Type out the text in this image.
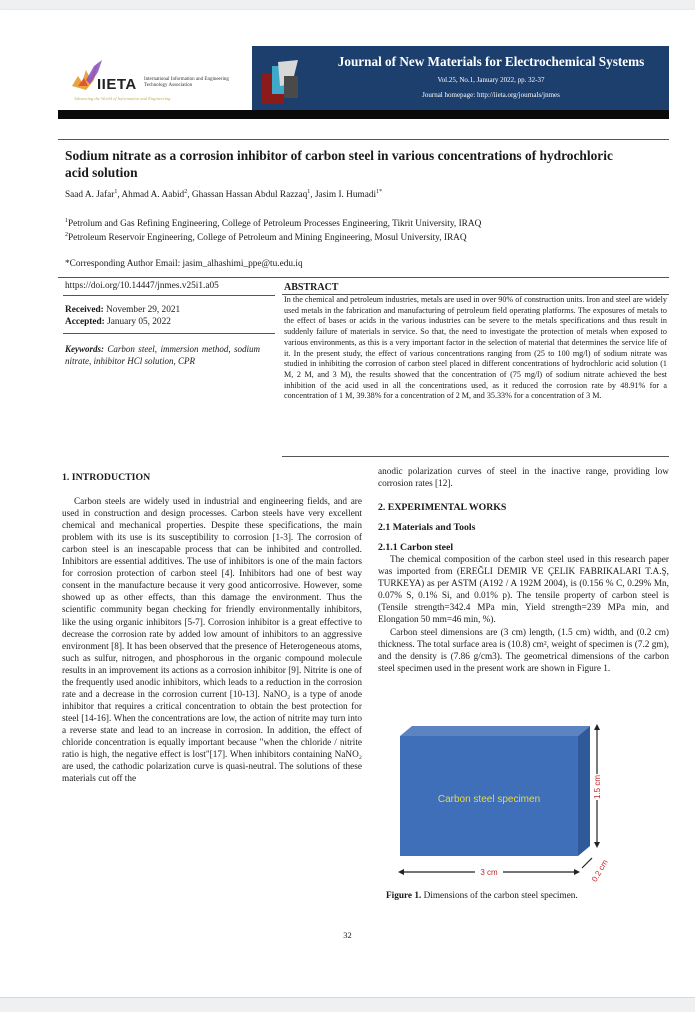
IIETA International Information and Engineering Technology Association
Advancing the World of Information and Engineering
Journal of New Materials for Electrochemical Systems
Vol.25, No.1, January 2022, pp. 32-37
Journal homepage: http://iieta.org/journals/jnmes
Sodium nitrate as a corrosion inhibitor of carbon steel in various concentrations of hydrochloric acid solution
Saad A. Jafar$^1$, Ahmad A. Aabid$^2$, Ghassan Hassan Abdul Razzaq$^1$, Jasim I. Humadi$^{1*}$
$^1$Petrolum and Gas Refining Engineering, College of Petroleum Processes Engineering, Tikrit University, IRAQ
$^2$Petroleum Reservoir Engineering, College of Petroleum and Mining Engineering, Mosul University, IRAQ
*Corresponding Author Email: jasim_alhashimi_ppe@tu.edu.iq
https://doi.org/10.14447/jnmes.v25i1.a05
Received: November 29, 2021
Accepted: January 05, 2022
Keywords: Carbon steel, immersion method, sodium nitrate, inhibitor HCl solution, CPR
ABSTRACT
In the chemical and petroleum industries, metals are used in over 90% of construction units. Iron and steel are widely used metals in the fabrication and manufacturing of petroleum field operating platforms. The exposures of metals to the effect of bases or acids in the various industries can be severe to the metals specifications and thus result in suddenly failure of materials in service. So that, the need to investigate the protection of metals when exposed to various environments, as this is a very important factor in the selection of material that determines the service life of it. In the present study, the effect of various concentrations ranging from (25 to 100 mg/l) of sodium nitrate was studied in inhibiting the corrosion of carbon steel placed in different concentrations of hydrochloric acid solution (1 M, 2 M, and 3 M), the results showed that the concentration of (75 mg/l) of sodium nitrate achieved the best inhibition of the acid used in all the concentrations used, as it reduced the corrosion rate by 48.91% for a concentration of 1 M, 39.38% for a concentration of 2 M, and 35.33% for a concentration of 3 M.
1. INTRODUCTION

Carbon steels are widely used in industrial and engineering fields, and are used in construction and design processes. Carbon steels have very excellent chemical and mechanical properties. Despite these specifications, the main problem with its use is its susceptibility to corrosion [1-3]. The corrosion of carbon steel is an inescapable process that can be inhibited and controlled. Inhibitors are essential additives. The use of inhibitors is one of the main factors for corrosion protection of carbon steel [4]. Inhibitors had one of best way consent in the manufacture because it very good anticorrosive. However, some showed up as other effects, than this damage the environment. Thus the scientific community began checking for friendly environmentally inhibitors, like the using organic inhibitors [5-7]. Corrosion inhibitor is a great effective to decrease the corrosion rate by added low amount of inhibitors to an aggressive environment [8]. It has been observed that the presence of Heterogeneous atoms, such as sulfur, nitrogen, and phosphorous in the organic compound molecule results in an improvement its actions as a corrosion inhibitor [9]. Nitrite is one of the frequently used anodic inhibitors, which leads to a reduction in the corrosion rate and a decrease in the corrosion current [10-13]. NaNO₂ is a type of anode inhibitor that requires a critical concentration to obtain the best protection for steel [14-16]. When the concentrations are low, the action of nitrite may turn into a reverse state and lead to an increase in corrosion. In addition, the effect of chloride concentration is equally important because "when the chloride / nitrite ratio is high, the negative effect is lost"[17]. When inhibitors containing NaNO₂ are used, the cathodic polarization curve is quasi-neutral. The solutions of these materials cut off the

anodic polarization curves of steel in the inactive range, providing low corrosion rates [12].

2. EXPERIMENTAL WORKS
2.1 Materials and Tools
2.1.1 Carbon steel

The chemical composition of the carbon steel used in this research paper was imported from (EREĞLI DEMIR VE ÇELIK FABRIKALARI T.A.Ş, TURKEYA) as per ASTM (A192 / A 192M 2004), is (0.156 % C, 0.29% Mn, 0.07% S, 0.1% Si, and 0.01% p). The tensile property of carbon steel is (Tensile strength=342.4 MPa min, Yield strength=239 MPa min, and Elongation 50 mm=46 min, %).

Carbon steel dimensions are (3 cm) length, (1.5 cm) width, and (0.2 cm) thickness. The total surface area is (10.8) cm², weight of specimen is (7.2 gm), and the density is (7.86 g/cm3). The geometrical dimensions of the carbon steel specimen used in the present work are shown in Figure 1.

Carbon steel specimen
1.5 cm
3 cm	0.2 cm
Figure 1. Dimensions of the carbon steel specimen.
32
